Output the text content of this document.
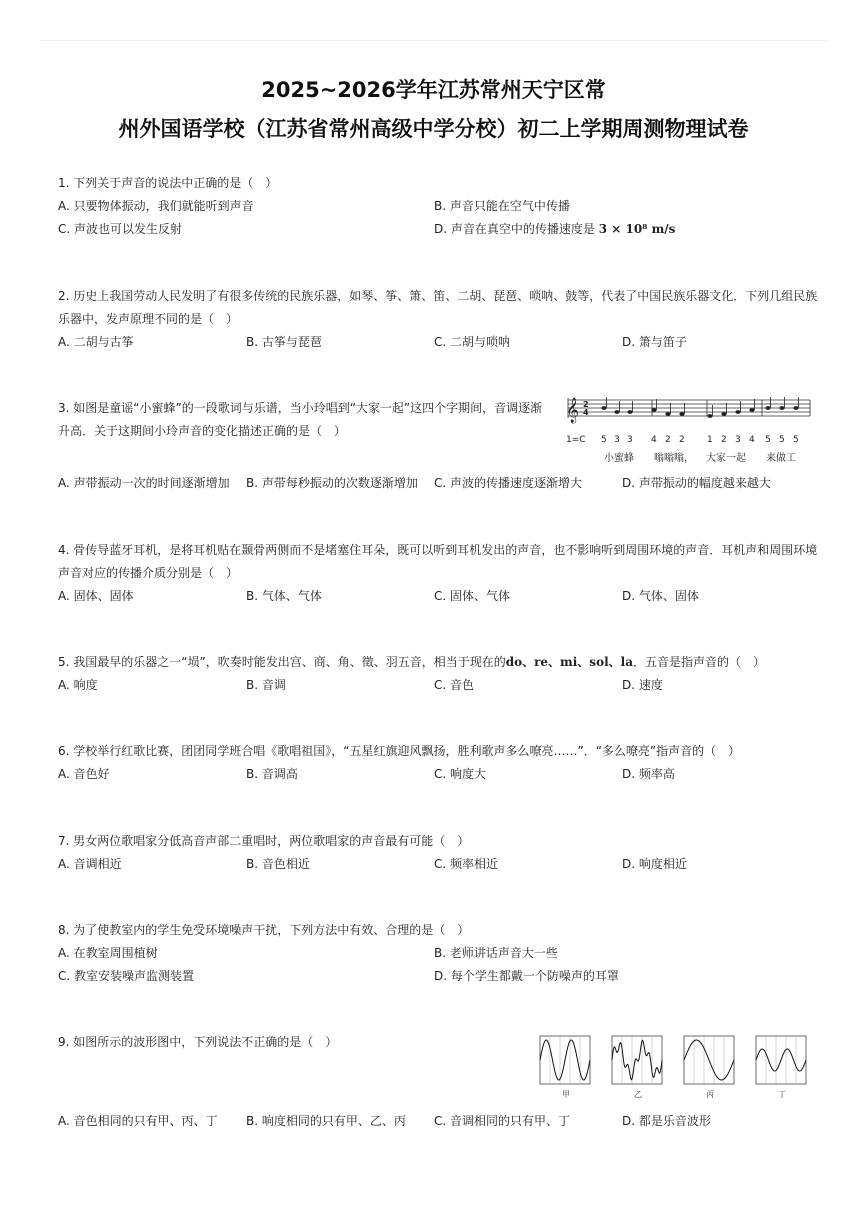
2025~2026学年江苏常州天宁区常
州外国语学校（江苏省常州高级中学分校）初二上学期周测物理试卷
1. 下列关于声音的说法中正确的是（　）
A. 只要物体振动，我们就能听到声音	B. 声音只能在空气中传播
C. 声波也可以发生反射	D. 声音在真空中的传播速度是 3 × 10⁸ m/s
2. 历史上我国劳动人民发明了有很多传统的民族乐器，如琴、筝、箫、笛、二胡、琵琶、唢呐、鼓等，代表了中国民族乐器文化．下列几组民族乐器中，发声原理不同的是（　）
A. 二胡与古筝	B. 古筝与琵琶	C. 二胡与唢呐	D. 箫与笛子
3. 如图是童谣“小蜜蜂”的一段歌词与乐谱，当小玲唱到“大家一起”这四个字期间，音调逐渐升高．关于这期间小玲声音的变化描述正确的是（　）
A. 声带振动一次的时间逐渐增加 B. 声带每秒振动的次数逐渐增加 C. 声波的传播速度逐渐增大	D. 声带振动的幅度越来越大
𝄞 2
4
1=C 5 3 3 4 2 2 1 2 3 4 5 5 5
小蜜蜂 嗡嗡嗡， 大家一起 来做工
4. 骨传导蓝牙耳机，是将耳机贴在颞骨两侧而不是堵塞住耳朵，既可以听到耳机发出的声音，也不影响听到周围环境的声音．耳机声和周围环境声音对应的传播介质分别是（　）
A. 固体、固体	B. 气体、气体	C. 固体、气体	D. 气体、固体
5. 我国最早的乐器之一“埙”，吹奏时能发出宫、商、角、徵、羽五音，相当于现在的do、re、mi、sol、la．五音是指声音的（　）
A. 响度	B. 音调	C. 音色	D. 速度
6. 学校举行红歌比赛，团团同学班合唱《歌唱祖国》，“五星红旗迎风飘扬，胜利歌声多么嘹亮……”．“多么嘹亮”指声音的（　）
A. 音色好	B. 音调高	C. 响度大	D. 频率高
7. 男女两位歌唱家分低高音声部二重唱时，两位歌唱家的声音最有可能（　）
A. 音调相近	B. 音色相近	C. 频率相近	D. 响度相近
8. 为了使教室内的学生免受环境噪声干扰，下列方法中有效、合理的是（　）
A. 在教室周围植树	B. 老师讲话声音大一些
C. 教室安装噪声监测装置	D. 每个学生都戴一个防噪声的耳罩
9. 如图所示的波形图中，下列说法不正确的是（　）
A. 音色相同的只有甲、丙、丁 B. 响度相同的只有甲、乙、丙 C. 音调相同的只有甲、丁	D. 都是乐音波形
甲	乙	丙	丁
